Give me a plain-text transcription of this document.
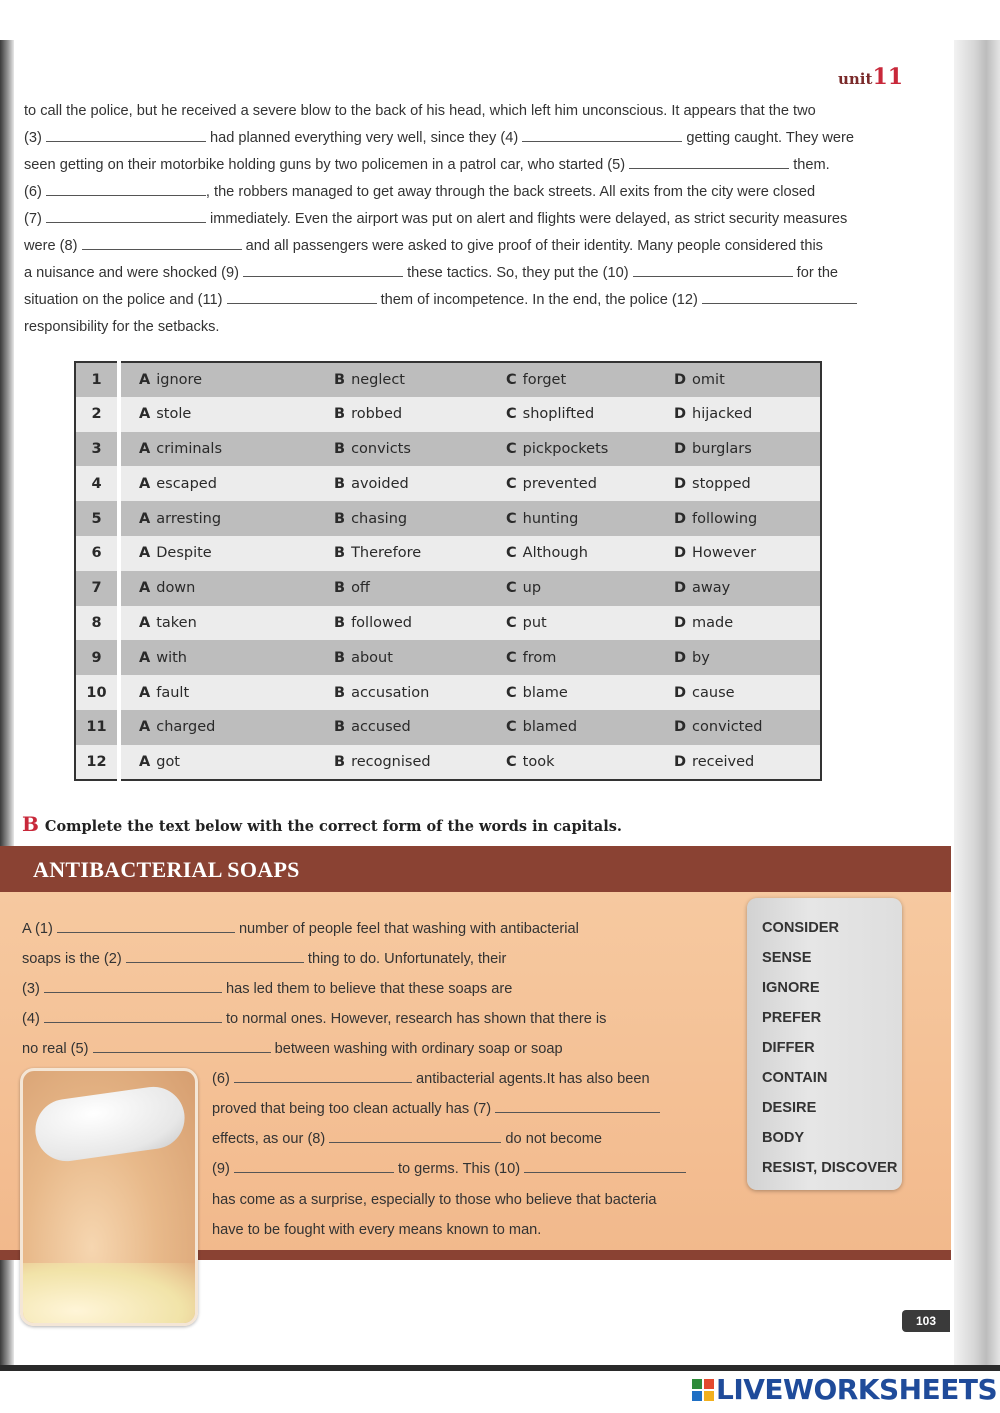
unit11
to call the police, but he received a severe blow to the back of his head, which left him unconscious. It appears that the two
(3)	had planned everything very well, since they (4)	getting caught. They were
seen getting on their motorbike holding guns by two policemen in a patrol car, who started (5)	them.
(6)	, the robbers managed to get away through the back streets. All exits from the city were closed
(7)	immediately. Even the airport was put on alert and flights were delayed, as strict security measures
were (8)	and all passengers were asked to give proof of their identity. Many people considered this
a nuisance and were shocked (9)	these tactics. So, they put the (10)	for the
situation on the police and (11)	them of incompetence. In the end, the police (12)
responsibility for the setbacks.
1	A ignore	B neglect	C forget	D omit
2	A stole	B robbed	C shoplifted	D hijacked
3	A criminals	B convicts	C pickpockets	D burglars
4	A escaped	B avoided	C prevented	D stopped
5	A arresting	B chasing	C hunting	D following
6	A Despite	B Therefore	C Although	D However
7	A down	B off	C up	D away
8	A taken	B followed	C put	D made
9	A with	B about	C from	D by
10	A fault	B accusation	C blame	D cause
11	A charged	B accused	C blamed	D convicted
12	A got	B recognised	C took	D received
B Complete the text below with the correct form of the words in capitals.
ANTIBACTERIAL SOAPS
A (1)	number of people feel that washing with antibacterial
soaps is the (2)	thing to do. Unfortunately, their
(3)	has led them to believe that these soaps are
(4)	to normal ones. However, research has shown that there is
no real (5)	between washing with ordinary soap or soap
(6)	antibacterial agents.It has also been
proved that being too clean actually has (7)
effects, as our (8)	do not become
(9)	to germs. This (10)
has come as a surprise, especially to those who believe that bacteria
have to be fought with every means known to man.
CONSIDER
SENSE
IGNORE
PREFER
DIFFER
CONTAIN
DESIRE
BODY
RESIST, DISCOVER
103
LIVEWORKSHEETS
